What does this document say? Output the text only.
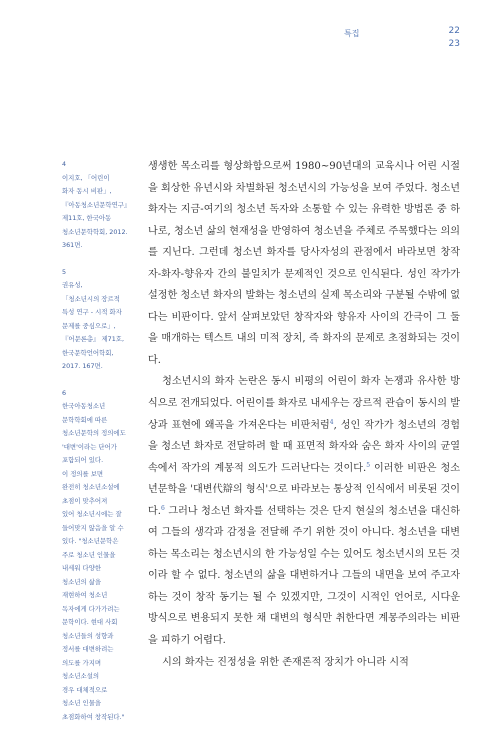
특집	22
23
4
이지호, 「어린이
화자 동시 비판」,
『아동청소년문학연구』
제11호, 한국아동
청소년문학학회, 2012.
361면.
5
권유성,
「청소년시의 장르적
특성 연구 - 시적 화자
문제를 중심으로」,
『어문론총』 제71호,
한국문학언어학회,
2017. 167면.
6
한국아동청소년
문학학회에 따른
청소년문학의 정의에도
'대변'이라는 단어가
포함되어 있다.
이 정의를 보면
완전히 청소년소설에
초점이 맞추어져
있어 청소년시에는 잘
들어맞지 않음을 알 수
있다. "청소년문학은
주로 청소년 인물을
내세워 다양한
청소년의 삶을
재현하여 청소년
독자에게 다가가려는
문학이다. 현대 사회
청소년들의 성향과
정서를 대변하려는
의도를 가지며
청소년소설의
경우 대체적으로
청소년 인물을
초점화하여 창작된다."

생생한 목소리를 형상화함으로써 1980~90년대의 교육시나 어린 시절을 회상한 유년시와 차별화된 청소년시의 가능성을 보여 주었다. 청소년 화자는 지금-여기의 청소년 독자와 소통할 수 있는 유력한 방법론 중 하나로, 청소년 삶의 현재성을 반영하여 청소년을 주체로 주목했다는 의의를 지닌다. 그런데 청소년 화자를 당사자성의 관점에서 바라보면 창작자-화자-향유자 간의 불일치가 문제적인 것으로 인식된다. 성인 작가가 설정한 청소년 화자의 발화는 청소년의 실제 목소리와 구분될 수밖에 없다는 비판이다. 앞서 살펴보았던 창작자와 향유자 사이의 간극이 그 둘을 매개하는 텍스트 내의 미적 장치, 즉 화자의 문제로 초점화되는 것이다.

청소년시의 화자 논란은 동시 비평의 어린이 화자 논쟁과 유사한 방식으로 전개되었다. 어린이를 화자로 내세우는 장르적 관습이 동시의 발상과 표현에 왜곡을 가져온다는 비판처럼$^4$, 성인 작가가 청소년의 경험을 청소년 화자로 전달하려 할 때 표면적 화자와 숨은 화자 사이의 균열 속에서 작가의 계몽적 의도가 드러난다는 것이다.$^5$ 이러한 비판은 청소년문학을 '대변代辯의 형식'으로 바라보는 통상적 인식에서 비롯된 것이다.$^6$ 그러나 청소년 화자를 선택하는 것은 단지 현실의 청소년을 대신하여 그들의 생각과 감정을 전달해 주기 위한 것이 아니다. 청소년을 대변하는 목소리는 청소년시의 한 가능성일 수는 있어도 청소년시의 모든 것이라 할 수 없다. 청소년의 삶을 대변하거나 그들의 내면을 보여 주고자 하는 것이 창작 동기는 될 수 있겠지만, 그것이 시적인 언어로, 시다운 방식으로 변용되지 못한 채 대변의 형식만 취한다면 계몽주의라는 비판을 피하기 어렵다.

시의 화자는 진정성을 위한 존재론적 장치가 아니라 시적
